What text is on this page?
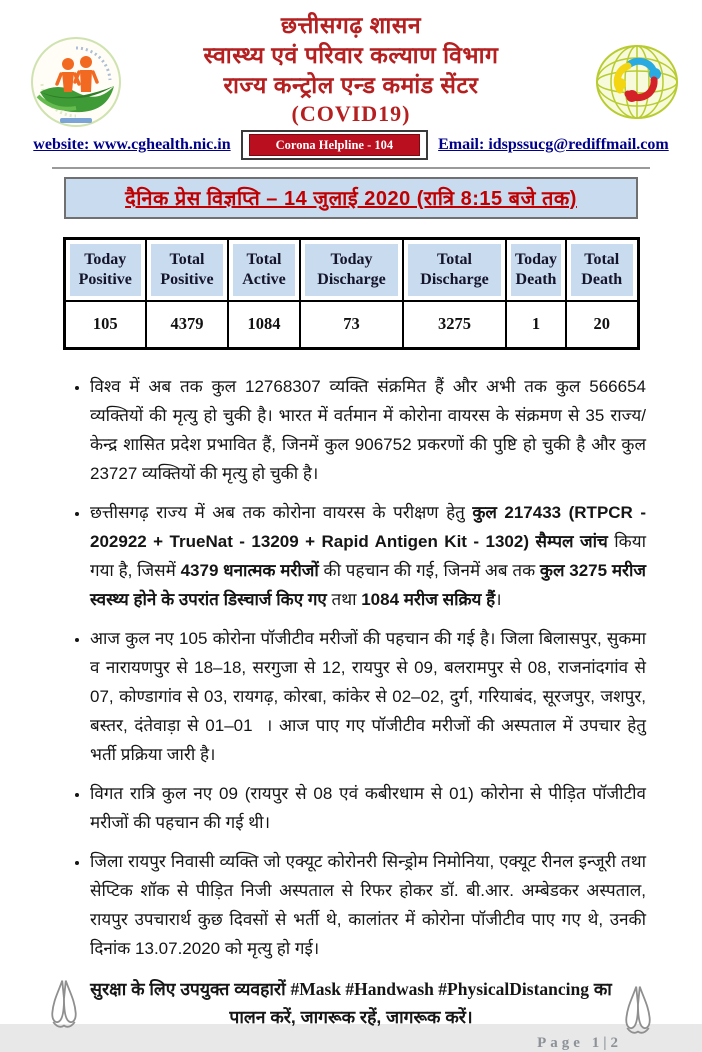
छत्तीसगढ़ शासन
स्वास्थ्य एवं परिवार कल्याण विभाग
राज्य कन्ट्रोल एन्ड कमांड सेंटर
(COVID19)
website: www.cghealth.nic.in	Corona Helpline - 104	Email: idspssucg@rediffmail.com
दैनिक प्रेस विज्ञप्ति – 14 जुलाई 2020 (रात्रि 8:15 बजे तक)
Today Positive	Total Positive	Total Active	Today Discharge	Total Discharge	Today Death	Total Death
105	4379	1084	73	3275	1	20
• विश्व में अब तक कुल 12768307 व्यक्ति संक्रमित हैं और अभी तक कुल 566654 व्यक्तियों की मृत्यु हो चुकी है। भारत में वर्तमान में कोरोना वायरस के संक्रमण से 35 राज्य/केन्द्र शासित प्रदेश प्रभावित हैं, जिनमें कुल 906752 प्रकरणों की पुष्टि हो चुकी है और कुल 23727 व्यक्तियों की मृत्यु हो चुकी है।
• छत्तीसगढ़ राज्य में अब तक कोरोना वायरस के परीक्षण हेतु कुल 217433 (RTPCR - 202922 + TrueNat - 13209 + Rapid Antigen Kit - 1302) सैम्पल जांच किया गया है, जिसमें 4379 धनात्मक मरीजों की पहचान की गई, जिनमें अब तक कुल 3275 मरीज स्वस्थ्य होने के उपरांत डिस्चार्ज किए गए तथा 1084 मरीज सक्रिय हैं।
• आज कुल नए 105 कोरोना पॉजीटीव मरीजों की पहचान की गई है। जिला बिलासपुर, सुकमा व नारायणपुर से 18–18, सरगुजा से 12, रायपुर से 09, बलरामपुर से 08, राजनांदगांव से 07, कोण्डागांव से 03, रायगढ़, कोरबा, कांकेर से 02–02, दुर्ग, गरियाबंद, सूरजपुर, जशपुर, बस्तर, दंतेवाड़ा से 01–01  । आज पाए गए पॉजीटीव मरीजों की अस्पताल में उपचार हेतु भर्ती प्रक्रिया जारी है।
• विगत रात्रि कुल नए 09 (रायपुर से 08 एवं कबीरधाम से 01) कोरोना से पीड़ित पॉजीटीव मरीजों की पहचान की गई थी।
• जिला रायपुर निवासी व्यक्ति जो एक्यूट कोरोनरी सिन्ड्रोम निमोनिया, एक्यूट रीनल इन्जूरी तथा सेप्टिक शॉक से पीड़ित निजी अस्पताल से रिफर होकर डॉ. बी.आर. अम्बेडकर अस्पताल, रायपुर उपचारार्थ कुछ दिवसों से भर्ती थे, कालांतर में कोरोना पॉजीटीव पाए गए थे, उनकी दिनांक 13.07.2020 को मृत्यु हो गई।
सुरक्षा के लिए उपयुक्त व्यवहारों #Mask #Handwash #PhysicalDistancing का पालन करें, जागरूक रहें, जागरूक करें।
Page 1|2
